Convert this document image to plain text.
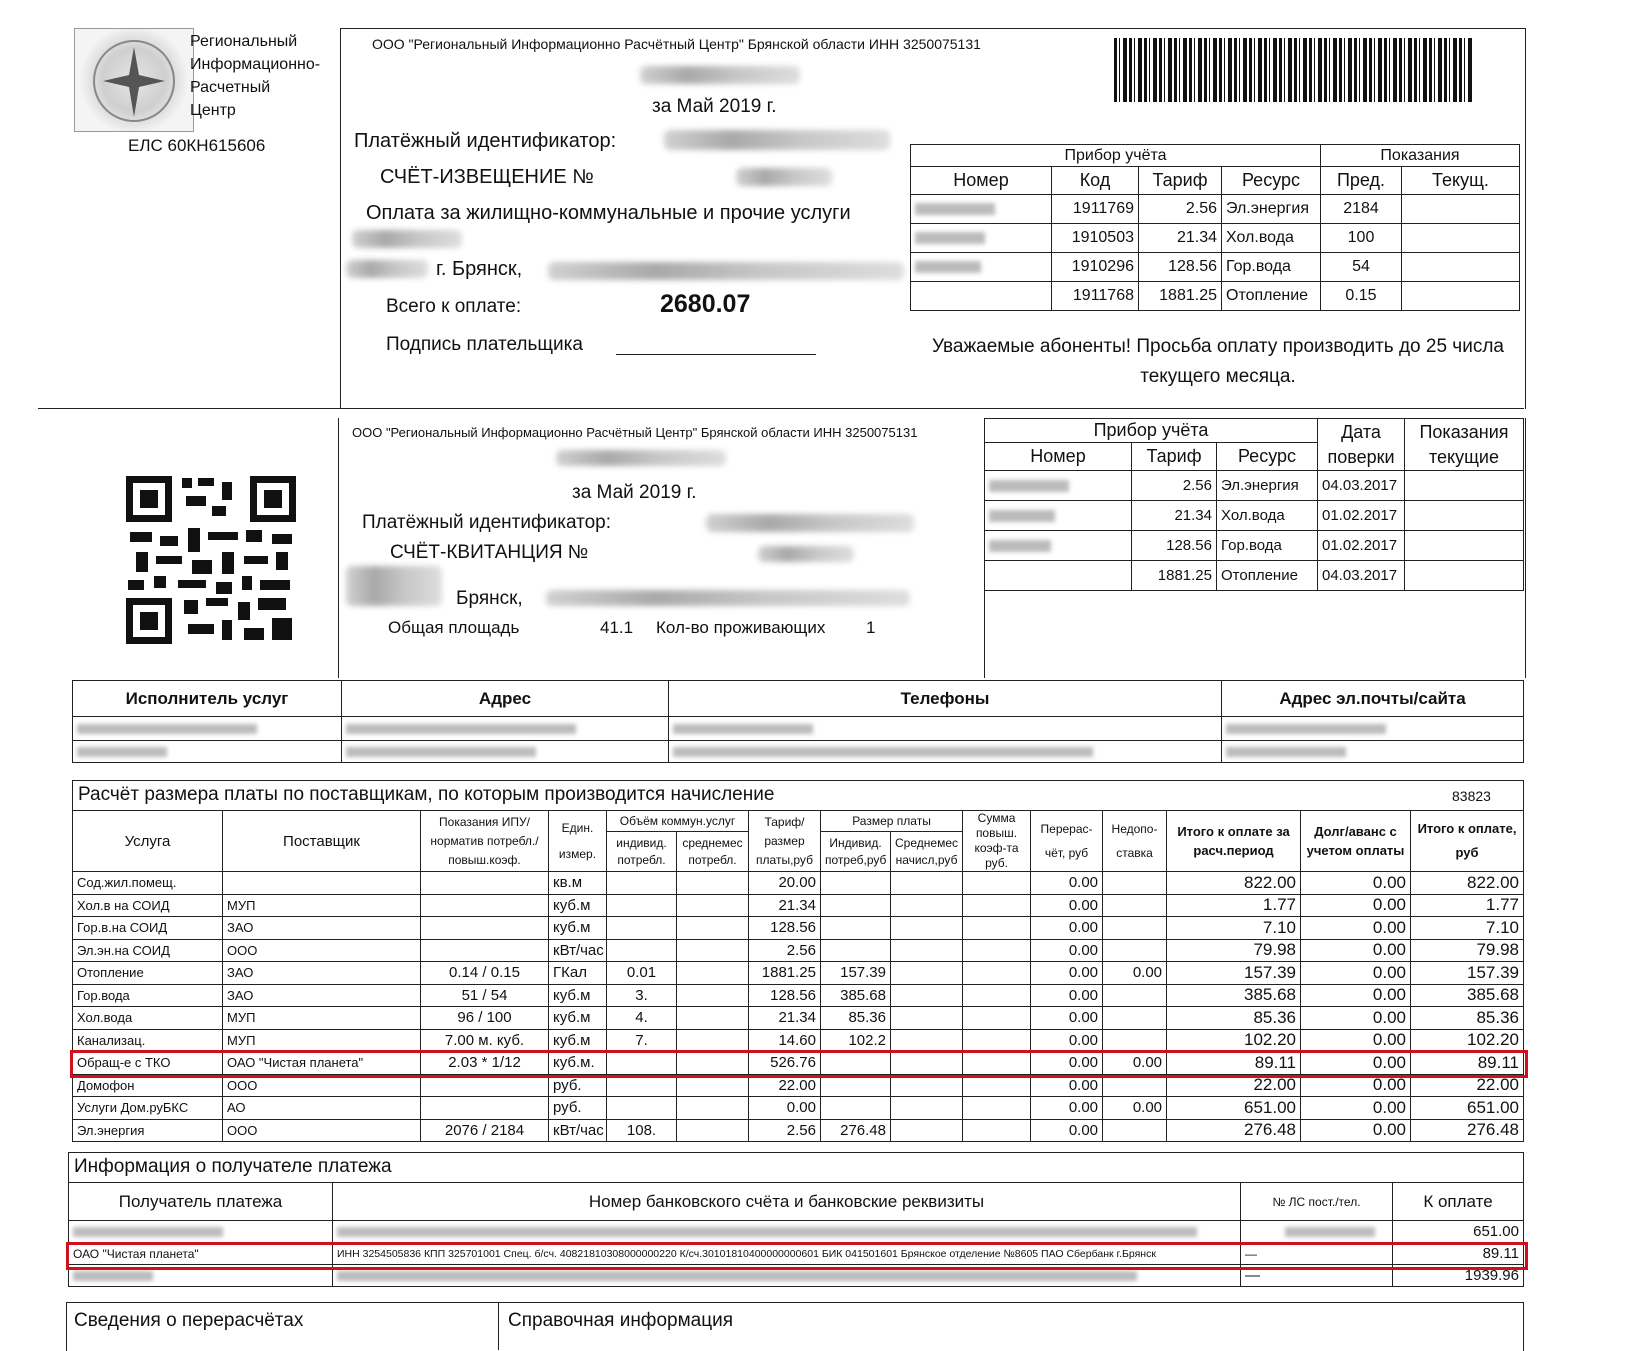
Региональный
Информационно-
Расчетный
Центр
ЕЛС 60КН615606
ООО "Региональный Информационно Расчётный Центр" Брянской области ИНН 3250075131
за Май 2019 г.
Платёжный идентификатор:
СЧЁТ-ИЗВЕЩЕНИЕ №
Оплата за жилищно-коммунальные и прочие услуги
г. Брянск,
Всего к оплате:	2680.07
Подпись плательщика
Прибор учёта				Показания	
Номер	Код	Тариф	Ресурс	Пред.	Текущ.

	1911769	2.56	Эл.энергия	2184	

	1910503	21.34	Хол.вода	100	

	1910296	128.56	Гор.вода	54	
	1911768	1881.25	Отопление	0.15	
Уважаемые абоненты! Просьба оплату производить до 25 числа текущего месяца.
ООО "Региональный Информационно Расчётный Центр" Брянской области ИНН 3250075131
за Май 2019 г.
Платёжный идентификатор:
СЧЁТ-КВИТАНЦИЯ №
Брянск,
Общая площадь	41.1 Кол-во проживающих 1
Прибор учёта			Дата поверки	Показания текущие
Номер	Тариф	Ресурс		

	2.56	Эл.энергия	04.03.2017	

	21.34	Хол.вода	01.02.2017	

	128.56	Гор.вода	01.02.2017	
	1881.25	Отопление	04.03.2017	
Исполнитель услуг	Адрес	Телефоны	Адрес эл.почты/сайта

Расчёт размера платы по поставщикам, по которым производится начисление	83823
Услуга	Поставщик	Показания ИПУ/ норматив потребл./ повыш.коэф.	Един. измер.	Объём коммун.услуг		Тариф/ размер платы,руб	Размер платы		Сумма повыш. коэф-та руб.	Перерас- чёт, руб	Недопо- ставка	Итого к оплате за расч.период	Долг/аванс с учетом оплаты	Итого к оплате, руб
				индивид. потребл.	среднемес потребл.		Индивид. потреб,руб	Среднемес начисл,руб						
Сод.жил.помещ.			кв.м			20.00				0.00		822.00	0.00	822.00
Хол.в на СОИД	МУП		куб.м			21.34				0.00		1.77	0.00	1.77
Гор.в.на СОИД	ЗАО		куб.м			128.56				0.00		7.10	0.00	7.10
Эл.эн.на СОИД	ООО		кВт/час			2.56				0.00		79.98	0.00	79.98
Отопление	ЗАО	0.14 / 0.15	ГКал	0.01		1881.25	157.39			0.00	0.00	157.39	0.00	157.39
Гор.вода	ЗАО	51 / 54	куб.м	3.		128.56	385.68			0.00		385.68	0.00	385.68
Хол.вода	МУП	96 / 100	куб.м	4.		21.34	85.36			0.00		85.36	0.00	85.36
Канализац.	МУП	7.00 м. куб.	куб.м	7.		14.60	102.2			0.00		102.20	0.00	102.20
Обращ-е с ТКО	ОАО "Чистая планета"	2.03 * 1/12	куб.м.			526.76				0.00	0.00	89.11	0.00	89.11
Домофон	ООО		руб.			22.00				0.00		22.00	0.00	22.00
Услуги Дом.руБКС	АО		руб.			0.00				0.00	0.00	651.00	0.00	651.00
Эл.энергия	ООО	2076 / 2184	кВт/час	108.		2.56	276.48			0.00		276.48	0.00	276.48
Информация о получателе платежа
Получатель платежа	Номер банковского счёта и банковские реквизиты	№ ЛС пост./тел.	К оплате

	651.00
ОАО "Чистая планета"	ИНН 3254505836 КПП 325701001 Спец. б/сч. 40821810308000000220 К/сч.30101810400000000601 БИК 041501601 Брянское отделение №8605 ПАО Сбербанк г.Брянск	—	89.11

	—	1939.96
Сведения о перерасчётах	Справочная информация
